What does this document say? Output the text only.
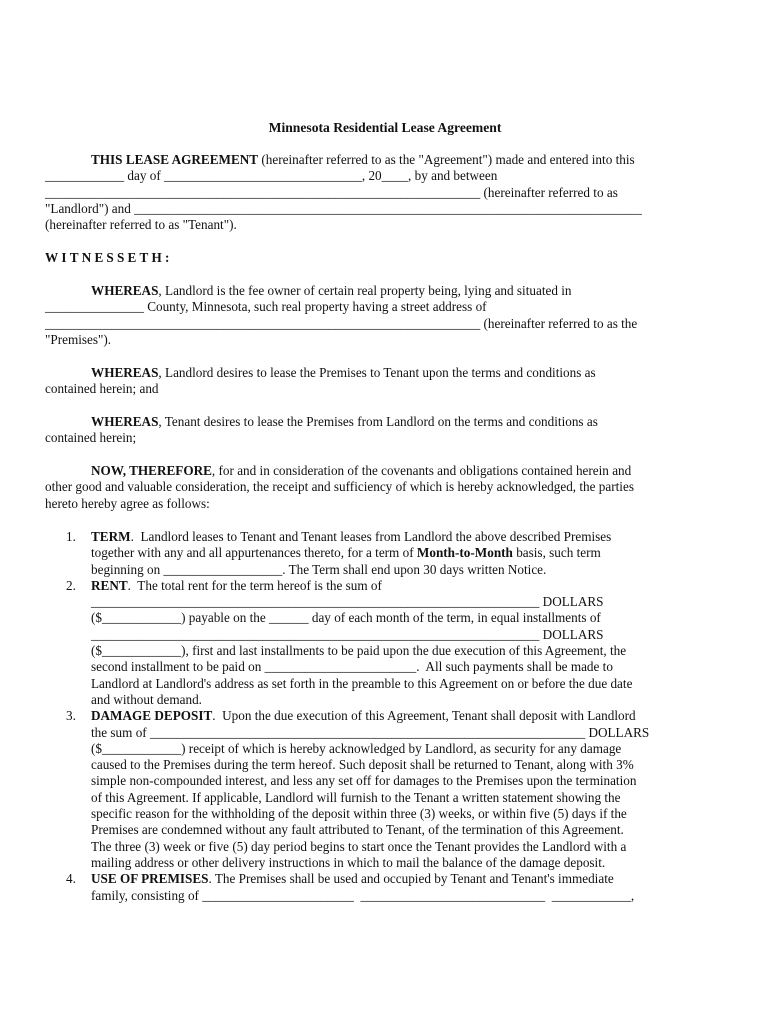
Minnesota Residential Lease Agreement
THIS LEASE AGREEMENT (hereinafter referred to as the "Agreement") made and entered into this
____________ day of ______________________________, 20____, by and between
__________________________________________________________________ (hereinafter referred to as
"Landlord") and _____________________________________________________________________________
(hereinafter referred to as "Tenant").
WITNESSETH:
WHEREAS, Landlord is the fee owner of certain real property being, lying and situated in
_______________ County, Minnesota, such real property having a street address of
__________________________________________________________________ (hereinafter referred to as the
"Premises").
WHEREAS, Landlord desires to lease the Premises to Tenant upon the terms and conditions as
contained herein; and
WHEREAS, Tenant desires to lease the Premises from Landlord on the terms and conditions as
contained herein;
NOW, THEREFORE, for and in consideration of the covenants and obligations contained herein and
other good and valuable consideration, the receipt and sufficiency of which is hereby acknowledged, the parties
hereto hereby agree as follows:
1. TERM.  Landlord leases to Tenant and Tenant leases from Landlord the above described Premises
together with any and all appurtenances thereto, for a term of Month-to-Month basis, such term
beginning on __________________. The Term shall end upon 30 days written Notice.
2. RENT.  The total rent for the term hereof is the sum of
____________________________________________________________________ DOLLARS
($____________) payable on the ______ day of each month of the term, in equal installments of
____________________________________________________________________ DOLLARS
($____________), first and last installments to be paid upon the due execution of this Agreement, the
second installment to be paid on _______________________.  All such payments shall be made to
Landlord at Landlord's address as set forth in the preamble to this Agreement on or before the due date
and without demand.
3. DAMAGE DEPOSIT.  Upon the due execution of this Agreement, Tenant shall deposit with Landlord
the sum of __________________________________________________________________ DOLLARS
($____________) receipt of which is hereby acknowledged by Landlord, as security for any damage
caused to the Premises during the term hereof. Such deposit shall be returned to Tenant, along with 3%
simple non-compounded interest, and less any set off for damages to the Premises upon the termination
of this Agreement. If applicable, Landlord will furnish to the Tenant a written statement showing the
specific reason for the withholding of the deposit within three (3) weeks, or within five (5) days if the
Premises are condemned without any fault attributed to Tenant, of the termination of this Agreement.
The three (3) week or five (5) day period begins to start once the Tenant provides the Landlord with a
mailing address or other delivery instructions in which to mail the balance of the damage deposit.
4. USE OF PREMISES. The Premises shall be used and occupied by Tenant and Tenant's immediate
family, consisting of _______________________  ____________________________  ____________,
